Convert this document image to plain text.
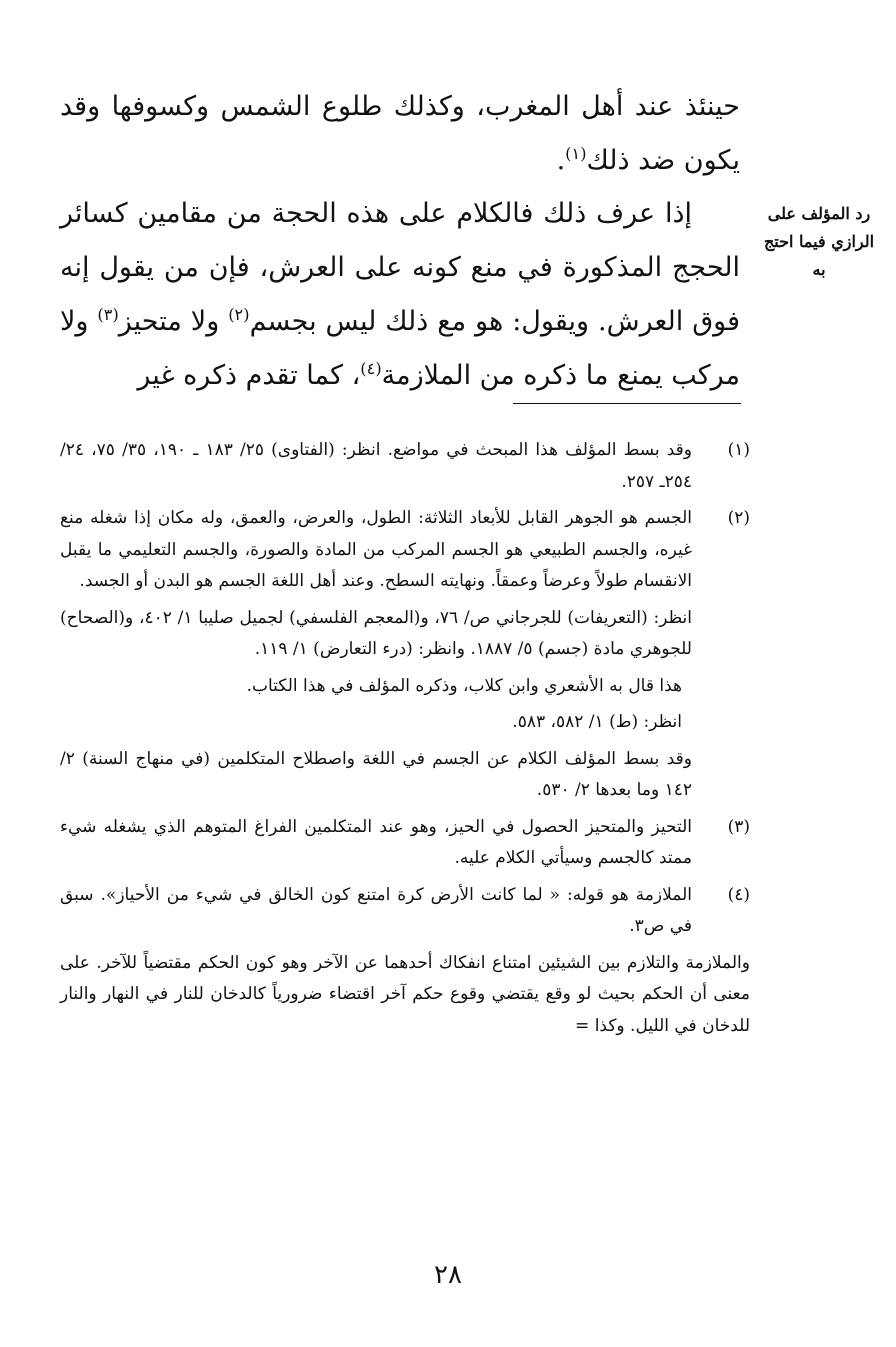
حينئذ عند أهل المغرب، وكذلك طلوع الشمس وكسوفها وقد يكون ضد ذلك$^{(١)}$.

إذا عرف ذلك فالكلام على هذه الحجة من مقامين كسائر الحجج المذكورة في منع كونه على العرش، فإن من يقول إنه فوق العرش. ويقول: هو مع ذلك ليس بجسم$^{(٢)}$ ولا متحيز$^{(٣)}$ ولا مركب يمنع ما ذكره من الملازمة$^{(٤)}$، كما تقدم ذكره غير

رد المؤلف على الرازي فيما احتج به

(١)
وقد بسط المؤلف هذا المبحث في مواضع. انظر: (الفتاوى) ٢٥/ ١٨٣ ـ ١٩٠، ٣٥/ ٧٥، ٢٤/ ٢٥٤ـ ٢٥٧.
(٢)
الجسم هو الجوهر القابل للأبعاد الثلاثة: الطول، والعرض، والعمق، وله مكان إذا شغله منع غيره، والجسم الطبيعي هو الجسم المركب من المادة والصورة، والجسم التعليمي ما يقبل الانقسام طولاً وعرضاً وعمقاً. ونهايته السطح. وعند أهل اللغة الجسم هو البدن أو الجسد.
انظر: (التعريفات) للجرجاني ص/ ٧٦، و(المعجم الفلسفي) لجميل صليبا ١/ ٤٠٢، و(الصحاح) للجوهري مادة (جسم) ٥/ ١٨٨٧. وانظر: (درء التعارض) ١/ ١١٩.
هذا قال به الأشعري وابن كلاب، وذكره المؤلف في هذا الكتاب.
انظر: (ط) ١/ ٥٨٢، ٥٨٣.
وقد بسط المؤلف الكلام عن الجسم في اللغة واصطلاح المتكلمين (في منهاج السنة) ٢/ ١٤٢ وما بعدها ٢/ ٥٣٠.
(٣)
التحيز والمتحيز الحصول في الحيز، وهو عند المتكلمين الفراغ المتوهم الذي يشغله شيء ممتد كالجسم وسيأتي الكلام عليه.
(٤)
الملازمة هو قوله: « لما كانت الأرض كرة امتنع كون الخالق في شيء من الأحياز». سبق في ص٣.
والملازمة والتلازم بين الشيئين امتناع انفكاك أحدهما عن الآخر وهو كون الحكم مقتضياً للآخر. على معنى أن الحكم بحيث لو وقع يقتضي وقوع حكم آخر اقتضاء ضرورياً كالدخان للنار في النهار والنار للدخان في الليل. وكذا =
٢٨
